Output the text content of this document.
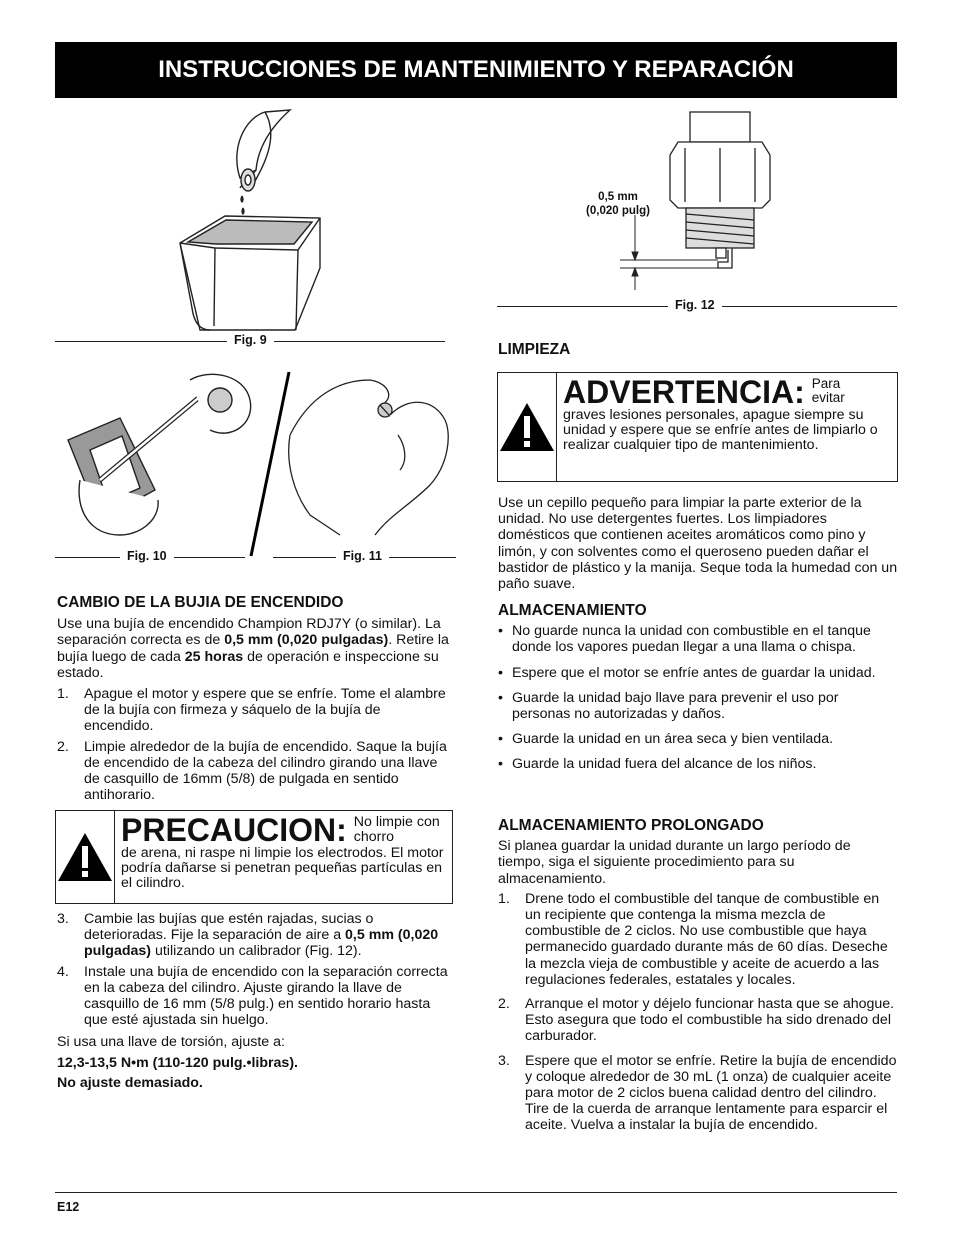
INSTRUCCIONES DE MANTENIMIENTO Y REPARACIÓN
Fig. 9
Fig. 10	Fig. 11
0,5 mm
(0,020 pulg)
Fig. 12
CAMBIO DE LA BUJIA DE ENCENDIDO
Use una bujía de encendido Champion RDJ7Y (o similar). La separación correcta es de 0,5 mm (0,020 pulgadas). Retire la bujía luego de cada 25 horas de operación e inspeccione su estado.
1. Apague el motor y espere que se enfríe. Tome el alambre de la bujía con firmeza y sáquelo de la bujía de encendido.
2. Limpie alrededor de la bujía de encendido. Saque la bujía de encendido de la cabeza del cilindro girando una llave de casquillo de 16mm (5/8) de pulgada en sentido antihorario.
PRECAUCION: No limpie con chorro
de arena, ni raspe ni limpie los electrodos. El motor podría dañarse si penetran pequeñas partículas en el cilindro.
3. Cambie las bujías que estén rajadas, sucias o deterioradas. Fije la separación de aire a 0,5 mm (0,020 pulgadas) utilizando un calibrador (Fig. 12).
4. Instale una bujía de encendido con la separación correcta en la cabeza del cilindro. Ajuste girando la llave de casquillo de 16 mm (5/8 pulg.) en sentido horario hasta que esté ajustada sin huelgo.
Si usa una llave de torsión, ajuste a:
12,3-13,5 N•m (110-120 pulg.•libras).
No ajuste demasiado.
LIMPIEZA
ADVERTENCIA: Para evitar
graves lesiones personales, apague siempre su unidad y espere que se enfríe antes de limpiarlo o realizar cualquier tipo de mantenimiento.
Use un cepillo pequeño para limpiar la parte exterior de la unidad. No use detergentes fuertes. Los limpiadores domésticos que contienen aceites aromáticos como pino y limón, y con solventes como el queroseno pueden dañar el bastidor de plástico y la manija. Seque toda la humedad con un paño suave.
ALMACENAMIENTO
• No guarde nunca la unidad con combustible en el tanque donde los vapores puedan llegar a una llama o chispa.
• Espere que el motor se enfríe antes de guardar la unidad.
• Guarde la unidad bajo llave para prevenir el uso por personas no autorizadas y daños.
• Guarde la unidad en un área seca y bien ventilada.
• Guarde la unidad fuera del alcance de los niños.
ALMACENAMIENTO PROLONGADO
Si planea guardar la unidad durante un largo período de tiempo, siga el siguiente procedimiento para su almacenamiento.
1. Drene todo el combustible del tanque de combustible en un recipiente que contenga la misma mezcla de combustible de 2 ciclos. No use combustible que haya permanecido guardado durante más de 60 días. Deseche la mezcla vieja de combustible y aceite de acuerdo a las regulaciones federales, estatales y locales.
2. Arranque el motor y déjelo funcionar hasta que se ahogue. Esto asegura que todo el combustible ha sido drenado del carburador.
3. Espere que el motor se enfríe. Retire la bujía de encendido y coloque alrededor de 30 mL (1 onza) de cualquier aceite para motor de 2 ciclos buena calidad dentro del cilindro. Tire de la cuerda de arranque lentamente para esparcir el aceite. Vuelva a instalar la bujía de encendido.
E12
